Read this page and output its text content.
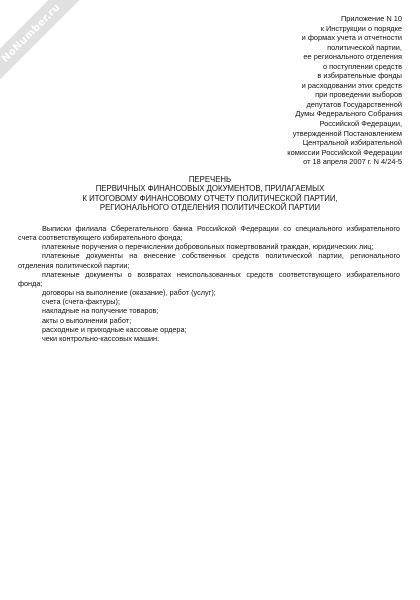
NoNumber.ru	Приложение N 10
к Инструкции о порядке
и формах учета и отчетности
политической партии,
ее регионального отделения
о поступлении средств
в избирательные фонды
и расходовании этих средств
при проведении выборов
депутатов Государственной
Думы Федерального Собрания
Российской Федерации,
утвержденной Постановлением
Центральной избирательной
комиссии Российской Федерации
от 18 апреля 2007 г. N 4/24-5
ПЕРЕЧЕНЬ
ПЕРВИЧНЫХ ФИНАНСОВЫХ ДОКУМЕНТОВ, ПРИЛАГАЕМЫХ
К ИТОГОВОМУ ФИНАНСОВОМУ ОТЧЕТУ ПОЛИТИЧЕСКОЙ ПАРТИИ,
РЕГИОНАЛЬНОГО ОТДЕЛЕНИЯ ПОЛИТИЧЕСКОЙ ПАРТИИ

Выписки филиала Сберегательного банка Российской Федерации со специального избирательного счета соответствующего избирательного фонда;

платежные поручения о перечислении добровольных пожертвований граждан, юридических лиц;

платежные документы на внесение собственных средств политической партии, регионального отделения политической партии;

платежные документы о возвратах неиспользованных средств соответствующего избирательного фонда;

договоры на выполнение (оказание), работ (услуг);

счета (счета-фактуры);

накладные на получение товаров;

акты о выполнении работ;

расходные и приходные кассовые ордера;

чеки контрольно-кассовых машин.
